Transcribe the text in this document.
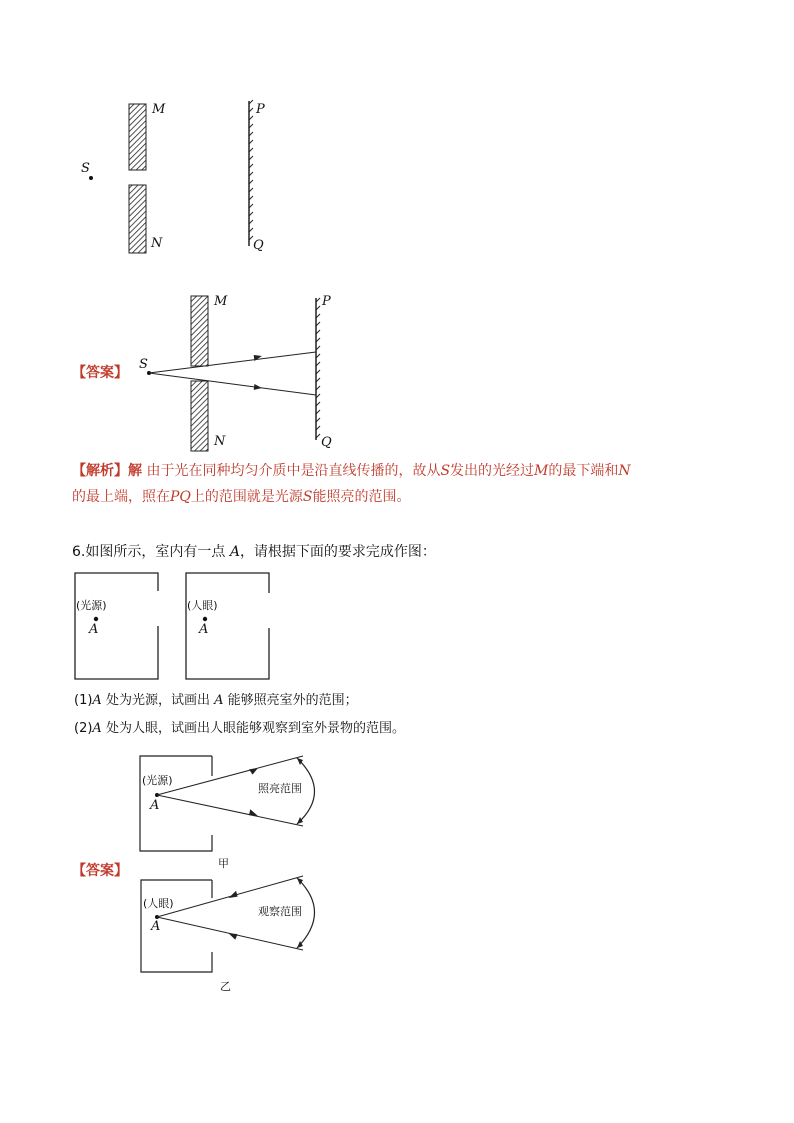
S
M
N
P
Q
S
M
N
P
Q
(光源)
A
(人眼)
A
(光源)
A
照亮范围
甲
(人眼)
A
观察范围
乙
【答案】
【解析】解 由于光在同种均匀介质中是沿直线传播的，故从S发出的光经过M的最下端和N
的最上端，照在PQ上的范围就是光源S能照亮的范围。
6.如图所示，室内有一点 A，请根据下面的要求完成作图：
(1)A 处为光源，试画出 A 能够照亮室外的范围；
(2)A 处为人眼，试画出人眼能够观察到室外景物的范围。
【答案】
